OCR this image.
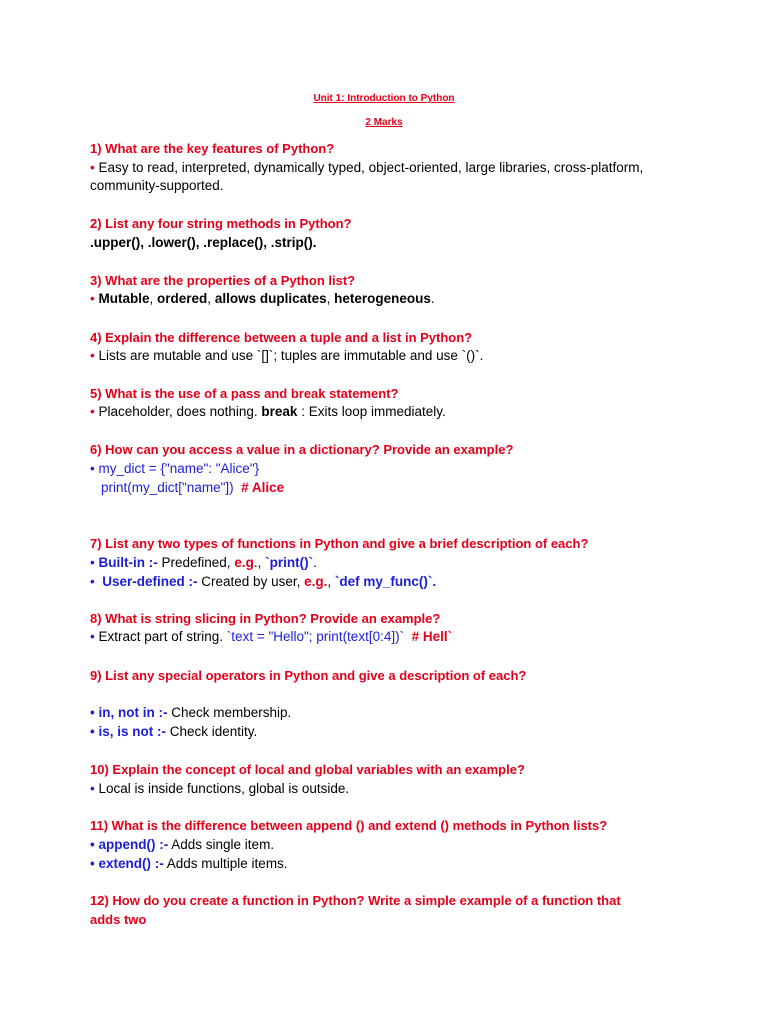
Unit 1: Introduction to Python
2 Marks
1) What are the key features of Python?
• Easy to read, interpreted, dynamically typed, object-oriented, large libraries, cross-platform,
community-supported.
2) List any four string methods in Python?
.upper(), .lower(), .replace(), .strip().
3) What are the properties of a Python list?
• Mutable, ordered, allows duplicates, heterogeneous.
4) Explain the difference between a tuple and a list in Python?
• Lists are mutable and use `[]`; tuples are immutable and use `()`.
5) What is the use of a pass and break statement?
• Placeholder, does nothing. break : Exits loop immediately.
6) How can you access a value in a dictionary? Provide an example?
• my_dict = {"name": "Alice"}
print(my_dict["name"]) # Alice
7) List any two types of functions in Python and give a brief description of each?
• Built-in :- Predefined, e.g., `print()`.
• User-defined :- Created by user, e.g., `def my_func()`.
8) What is string slicing in Python? Provide an example?
• Extract part of string. `text = "Hello"; print(text[0:4])` # Hell`
9) List any special operators in Python and give a description of each?
• in, not in :- Check membership.
• is, is not :- Check identity.
10) Explain the concept of local and global variables with an example?
• Local is inside functions, global is outside.
11) What is the difference between append () and extend () methods in Python lists?
• append() :- Adds single item.
• extend() :- Adds multiple items.
12) How do you create a function in Python? Write a simple example of a function that
adds two
